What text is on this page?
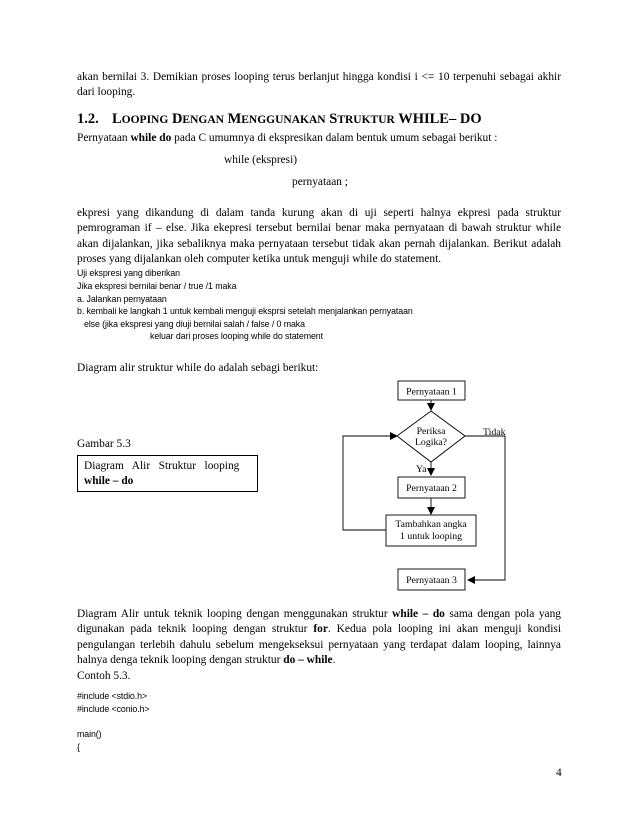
akan bernilai 3. Demikian proses looping terus berlanjut hingga kondisi i <= 10 terpenuhi sebagai akhir
dari looping.
1.2. LOOPING DENGAN MENGGUNAKAN STRUKTUR WHILE– DO
Pernyataan while do pada C umumnya di ekspresikan dalam bentuk umum sebagai berikut :
while (ekspresi)
pernyataan ;
ekpresi yang dikandung di dalam tanda kurung akan di uji seperti halnya ekpresi pada struktur
pemrograman if – else. Jika ekepresi tersebut bernilai benar maka pernyataan di bawah struktur while
akan dijalankan, jika sebaliknya maka pernyataan tersebut tidak akan pernah dijalankan. Berikut adalah
proses yang dijalankan oleh computer ketika untuk menguji while do statement.
Uji ekspresi yang diberikan
Jika ekspresi bernilai benar / true /1 maka
a. Jalankan pernyataan
b. kembali ke langkah 1 untuk kembali menguji eksprsi setelah menjalankan pernyataan
else (jika ekspresi yang diuji bernilai salah / false / 0 maka
keluar dari proses looping while do statement
Diagram alir struktur while do adalah sebagi berikut:
Gambar 5.3
Diagram   Alir   Struktur   looping
while – do
Pernyataan 1
Periksa
Logika?
Ya
Tidak
Pernyataan 2
Tambahkan angka
1 untuk looping
Pernyataan 3
Diagram Alir untuk teknik looping dengan menggunakan struktur while – do sama dengan pola yang
digunakan pada teknik looping dengan struktur for. Kedua pola looping ini akan menguji kondisi
pengulangan terlebih dahulu sebelum mengekseksui pernyataan yang terdapat dalam looping, lainnya
halnya denga teknik looping dengan struktur do – while.
Contoh 5.3.
#include <stdio.h>
#include <conio.h>
main()
{
4
